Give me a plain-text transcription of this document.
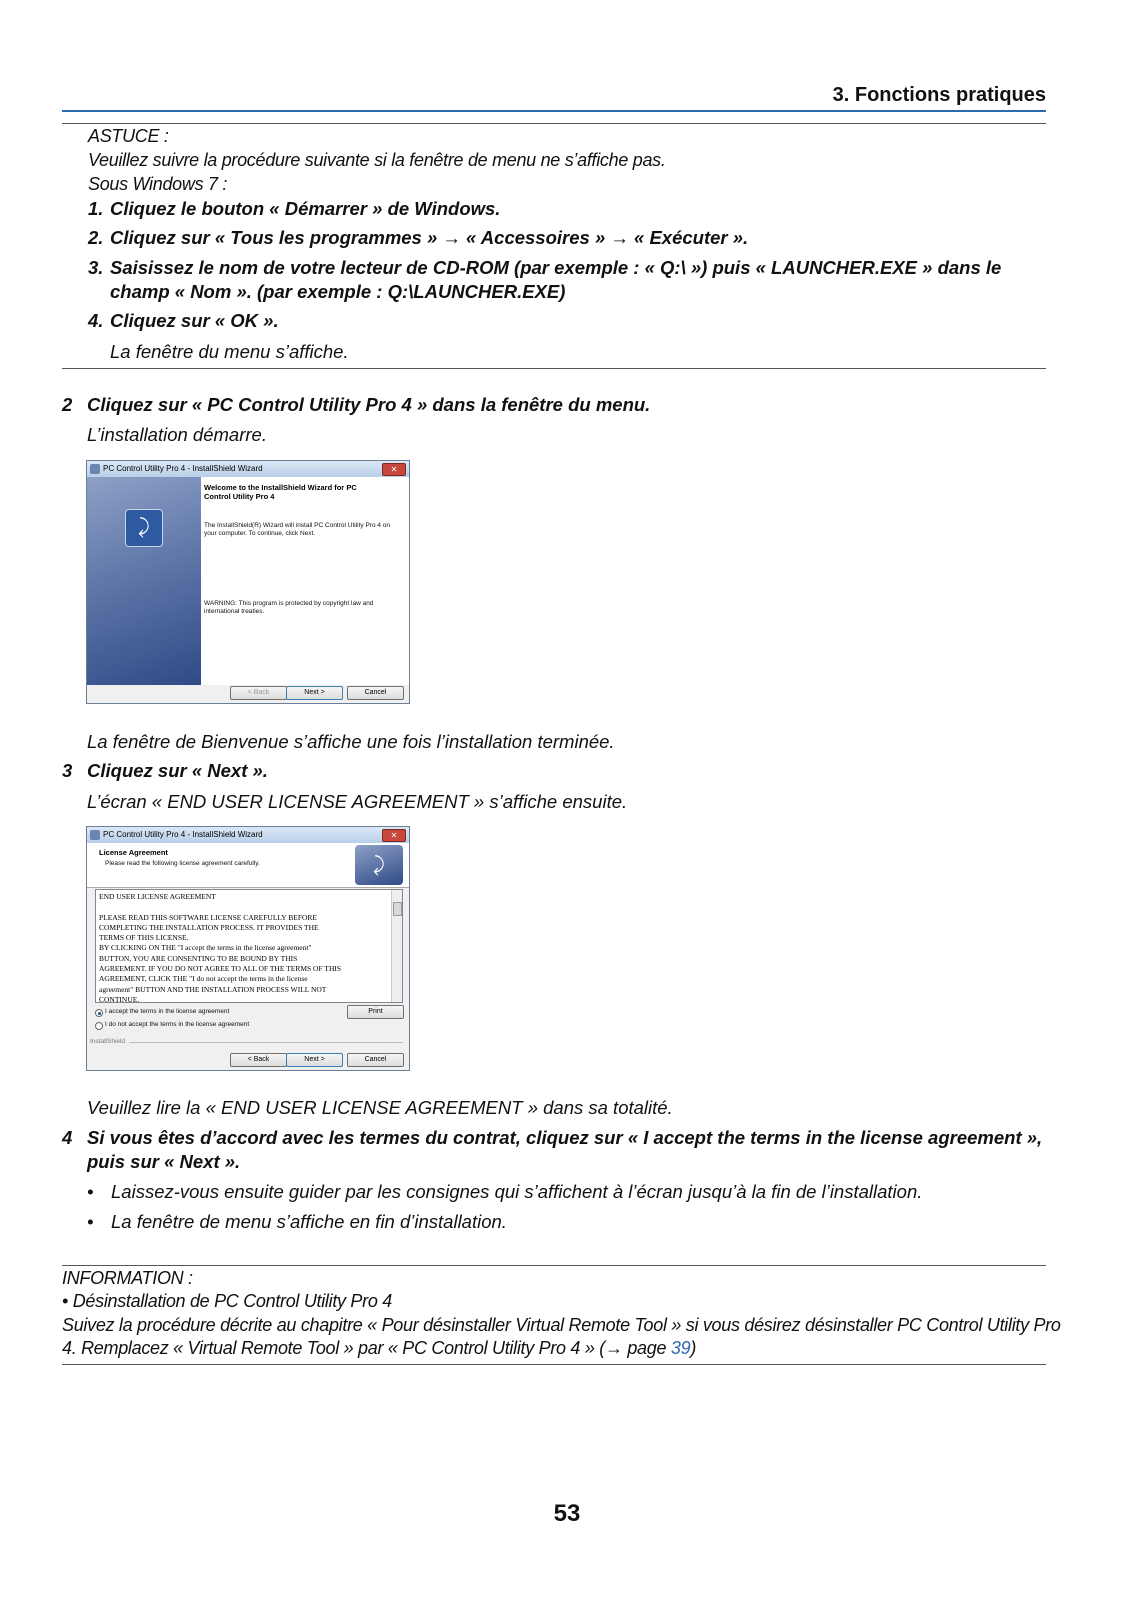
3. Fonctions pratiques
ASTUCE :
Veuillez suivre la procédure suivante si la fenêtre de menu ne s’affiche pas.
Sous Windows 7 :
1. Cliquez le bouton « Démarrer » de Windows.
2. Cliquez sur « Tous les programmes » → « Accessoires » → « Exécuter ».
3. Saisissez le nom de votre lecteur de CD-ROM (par exemple : « Q:\ ») puis « LAUNCHER.EXE » dans le
champ « Nom ». (par exemple : Q:\LAUNCHER.EXE)
4. Cliquez sur « OK ».
La fenêtre du menu s’affiche.
2 Cliquez sur « PC Control Utility Pro 4 » dans la fenêtre du menu.
L’installation démarre.
PC Control Utility Pro 4 - InstallShield Wizard	✕
⤸
Welcome to the InstallShield Wizard for PC
Control Utility Pro 4
The InstallShield(R) Wizard will install PC Control Utility Pro 4 on
your computer. To continue, click Next.
WARNING: This program is protected by copyright law and
international treaties.
< Back	Next >	Cancel
La fenêtre de Bienvenue s’affiche une fois l’installation terminée.
3 Cliquez sur « Next ».
L’écran « END USER LICENSE AGREEMENT » s’affiche ensuite.
PC Control Utility Pro 4 - InstallShield Wizard	✕
License Agreement
Please read the following license agreement carefully.	⤸
END USER LICENSE AGREEMENT

PLEASE READ THIS SOFTWARE LICENSE CAREFULLY BEFORE
COMPLETING THE INSTALLATION PROCESS. IT PROVIDES THE
TERMS OF THIS LICENSE.
BY CLICKING ON THE "I accept the terms in the license agreement"
BUTTON, YOU ARE CONSENTING TO BE BOUND BY THIS
AGREEMENT. IF YOU DO NOT AGREE TO ALL OF THE TERMS OF THIS
AGREEMENT, CLICK THE "I do not accept the terms in the license
agreement" BUTTON AND THE INSTALLATION PROCESS WILL NOT
CONTINUE.
I accept the terms in the license agreement
I do not accept the terms in the license agreement
Print
InstallShield
< Back	Next >	Cancel
Veuillez lire la « END USER LICENSE AGREEMENT » dans sa totalité.
4 Si vous êtes d’accord avec les termes du contrat, cliquez sur « I accept the terms in the license agreement »,
puis sur « Next ».
• Laissez-vous ensuite guider par les consignes qui s’affichent à l’écran jusqu’à la fin de l’installation.
• La fenêtre de menu s’affiche en fin d’installation.
INFORMATION :
• Désinstallation de PC Control Utility Pro 4
Suivez la procédure décrite au chapitre « Pour désinstaller Virtual Remote Tool » si vous désirez désinstaller PC Control Utility Pro
4. Remplacez « Virtual Remote Tool » par « PC Control Utility Pro 4 » (→ page 39)
53
